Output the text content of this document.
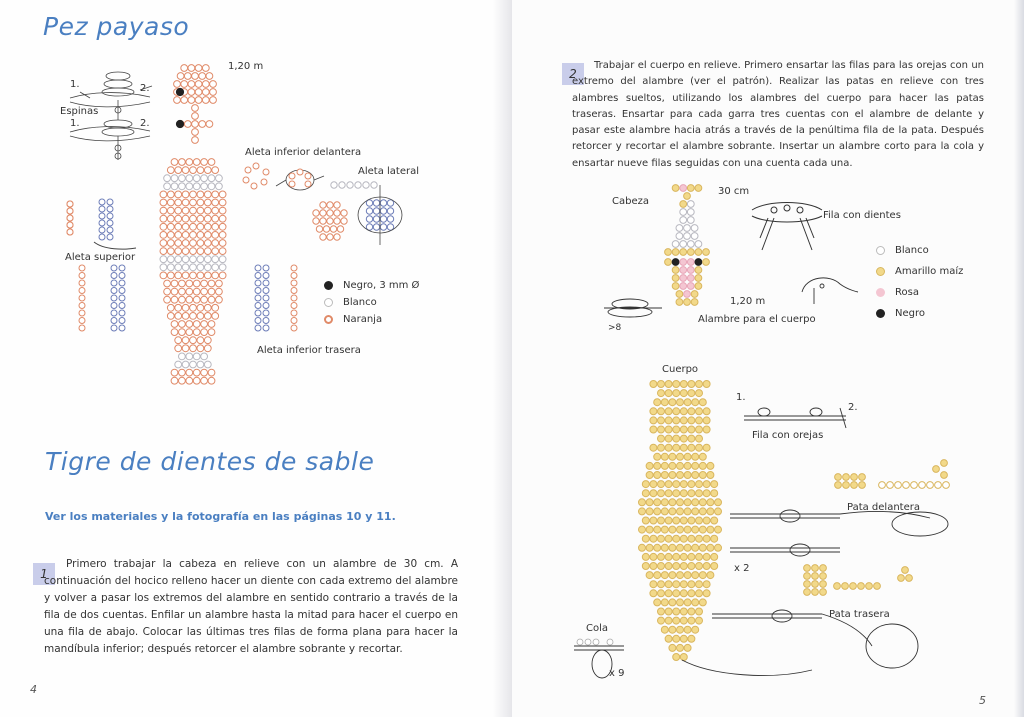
Pez payaso
1,20 m
1.	2.
Espinas
1.	2.
Aleta inferior delantera
Aleta lateral
Aleta superior
Negro, 3 mm Ø
Blanco
Naranja
Aleta inferior trasera
Tigre de dientes de sable
Ver los materiales y la fotografía en las páginas 10 y 11.
1
Primero trabajar la cabeza en relieve con un alambre de 30 cm. A continuación del hocico relleno hacer un diente con cada extremo del alambre y volver a pasar los extremos del alambre en sentido contrario a través de la fila de dos cuentas. Enfilar un alambre hasta la mitad para hacer el cuerpo en una fila de abajo. Colocar las últimas tres filas de forma plana para hacer la mandíbula inferior; después retorcer el alambre sobrante y recortar.
4
2
Trabajar el cuerpo en relieve. Primero ensartar las filas para las orejas con un extremo del alambre (ver el patrón). Realizar las patas en relieve con tres alambres sueltos, utilizando los alambres del cuerpo para hacer las patas traseras. Ensartar para cada garra tres cuentas con el alambre de delante y pasar este alambre hacia atrás a través de la penúltima fila de la pata. Después retorcer y recortar el alambre sobrante. Insertar un alambre corto para la cola y ensartar nueve filas seguidas con una cuenta cada una.
Cabeza
30 cm
Fila con dientes
1,20 m
Alambre para el cuerpo
>8
Blanco
Amarillo maíz
Rosa
Negro
Cuerpo
1.
2.
Fila con orejas
Pata delantera
x 2
Pata trasera
Cola
x 9
5
